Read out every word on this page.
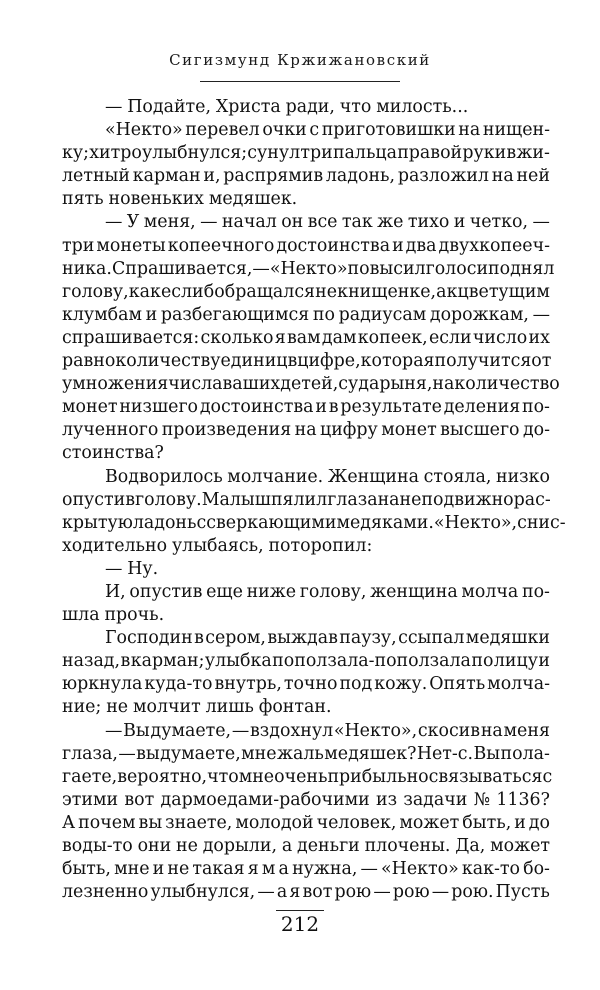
Сигизмунд Кржижановский
— Подайте, Христа ради, что милость...
«Некто» перевел очки с приготовишки на нищен-
ку; хитро улыбнулся; сунул три пальца правой руки в жи-
летный карман и, распрямив ладонь, разложил на ней
пять новеньких медяшек.
— У меня, — начал он все так же тихо и четко, —
три монеты копеечного достоинства и два двухкопееч-
ника. Спрашивается, — «Некто» повысил голос и поднял
голову, как если б обращался не к нищенке, а к цветущим
клумбам и разбегающимся по радиусам дорожкам, —
спрашивается: сколько я вам дам копеек, если число их
равно количеству единиц в цифре, которая получится от
умножения числа ваших детей, сударыня, на количество
монет низшего достоинства и в результате деления по-
лученного произведения на цифру монет высшего до-
стоинства?
Водворилось молчание. Женщина стояла, низко
опустив голову. Малыш пялил глаза на неподвижно рас-
крытую ладонь с сверкающими медяками. «Некто», снис-
ходительно улыбаясь, поторопил:
— Ну.
И, опустив еще ниже голову, женщина молча по-
шла прочь.
Господин в сером, выждав паузу, ссыпал медяшки
назад, в карман; улыбка поползала-поползала по лицу и
юркнула куда-то внутрь, точно под кожу. Опять молча-
ние; не молчит лишь фонтан.
— Вы думаете, — вздохнул «Некто», скосив на меня
глаза, — вы думаете, мне жаль медяшек? Нет-с. Вы пола-
гаете, вероятно, что мне очень прибыльно связываться с
этими вот дармоедами-рабочими из задачи № 1136?
А почем вы знаете, молодой человек, может быть, и до
воды-то они не дорыли, а деньги плочены. Да, может
быть, мне и не такая я м а нужна, — «Некто» как-то бо-
лезненно улыбнулся, — а я вот рою — рою — рою. Пусть
212
